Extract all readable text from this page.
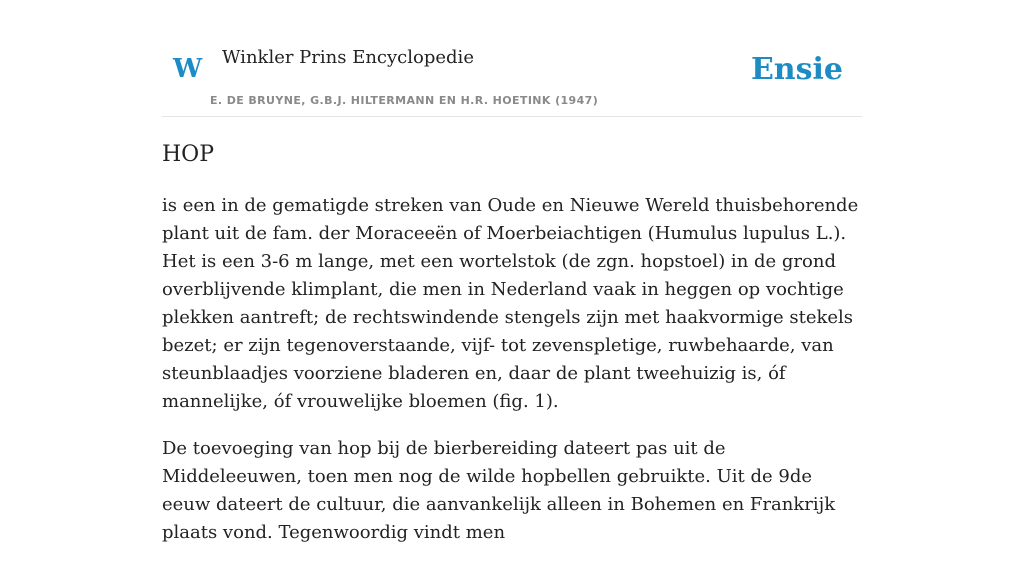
W Winkler Prins Encyclopedie
E. DE BRUYNE, G.B.J. HILTERMANN EN H.R. HOETINK (1947)
Ensie
HOP

is een in de gematigde streken van Oude en Nieuwe Wereld thuisbehorende plant uit de fam. der Moraceeën of Moerbeiachtigen (Humulus lupulus L.). Het is een 3-6 m lange, met een wortelstok (de zgn. hopstoel) in de grond overblijvende klimplant, die men in Nederland vaak in heggen op vochtige plekken aantreft; de rechtswindende stengels zijn met haakvormige stekels bezet; er zijn tegenoverstaande, vijf- tot zevenspletige, ruwbehaarde, van steunblaadjes voorziene bladeren en, daar de plant tweehuizig is, óf mannelijke, óf vrouwelijke bloemen (fig. 1).

De toevoeging van hop bij de bierbereiding dateert pas uit de Middeleeuwen, toen men nog de wilde hopbellen gebruikte. Uit de 9de eeuw dateert de cultuur, die aanvankelijk alleen in Bohemen en Frankrijk plaats vond. Tegenwoordig vindt men
